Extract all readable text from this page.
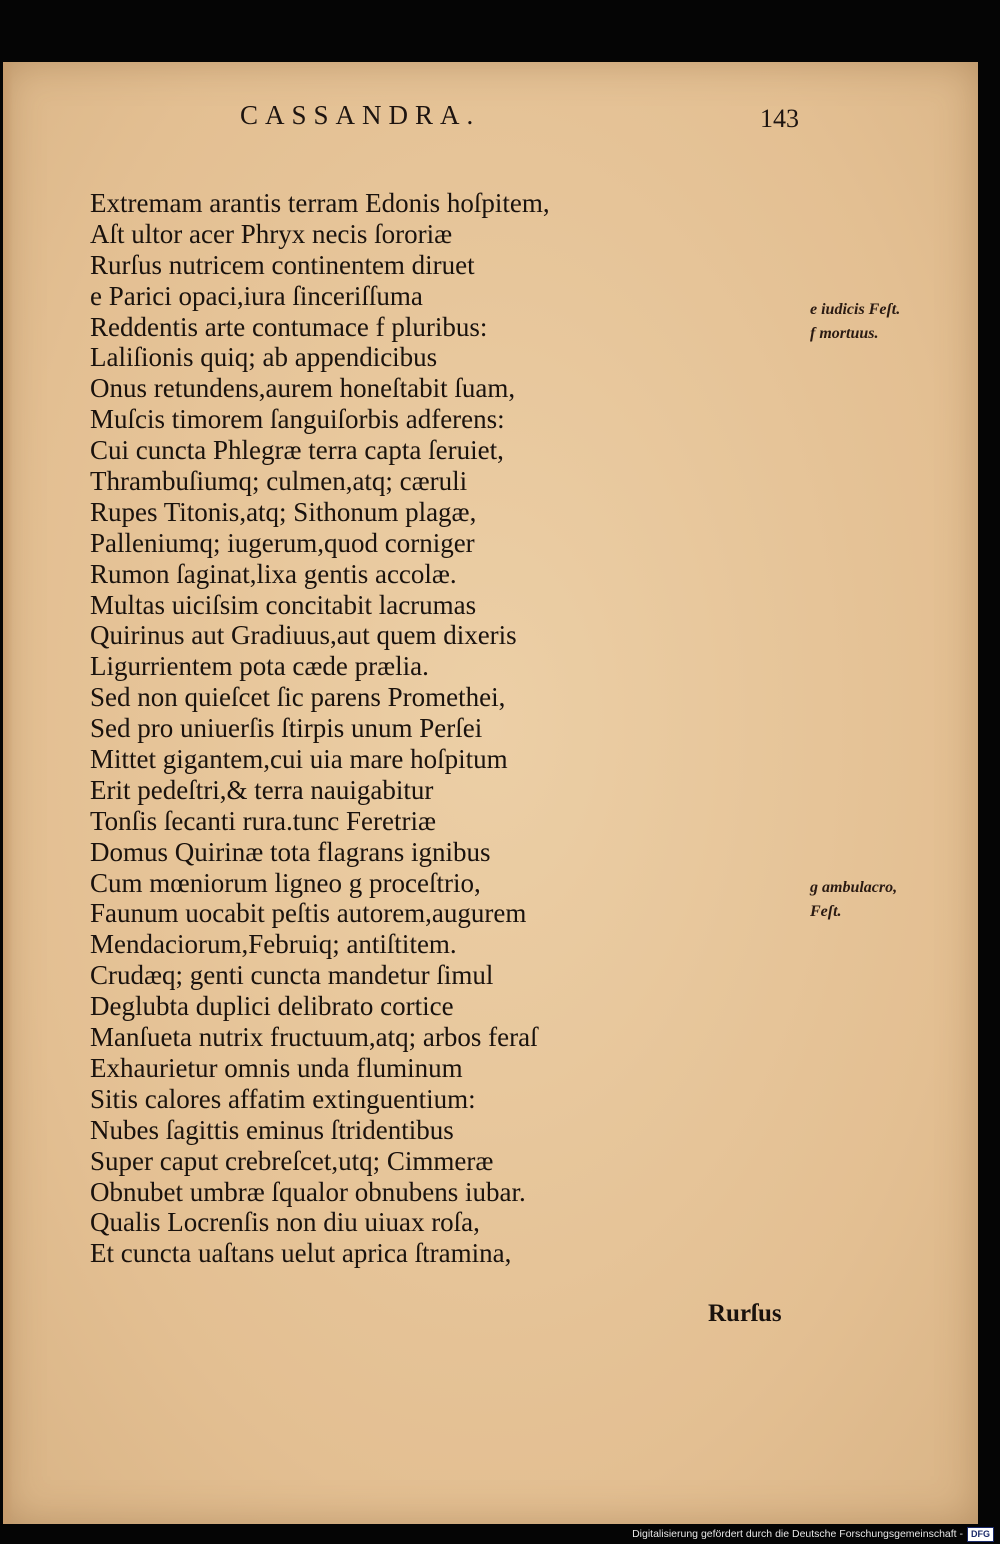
CASSANDRA.	143
Extremam arantis terram Edonis hoſpitem,
Aſt ultor acer Phryx necis ſororiæ
Rurſus nutricem continentem diruet
e Parici opaci,iura ſinceriſſuma
Reddentis arte contumace f pluribus:
Laliſionis quiq; ab appendicibus
Onus retundens,aurem honeſtabit ſuam,
Muſcis timorem ſanguiſorbis adferens:
Cui cuncta Phlegræ terra capta ſeruiet,
Thrambuſiumq; culmen,atq; cæruli
Rupes Titonis,atq; Sithonum plagæ,
Palleniumq; iugerum,quod corniger
Rumon ſaginat,lixa gentis accolæ.
Multas uiciſsim concitabit lacrumas
Quirinus aut Gradiuus,aut quem dixeris
Ligurrientem pota cæde prælia.
Sed non quieſcet ſic parens Promethei,
Sed pro uniuerſis ſtirpis unum Perſei
Mittet gigantem,cui uia mare hoſpitum
Erit pedeſtri,& terra nauigabitur
Tonſis ſecanti rura.tunc Feretriæ
Domus Quirinæ tota flagrans ignibus
Cum mœniorum ligneo g proceſtrio,
Faunum uocabit peſtis autorem,augurem
Mendaciorum,Februiq; antiſtitem.
Crudæq; genti cuncta mandetur ſimul
Deglubta duplici delibrato cortice
Manſueta nutrix fructuum,atq; arbos feraſ
Exhaurietur omnis unda fluminum
Sitis calores affatim extinguentium:
Nubes ſagittis eminus ſtridentibus
Super caput crebreſcet,utq; Cimmeræ
Obnubet umbræ ſqualor obnubens iubar.
Qualis Locrenſis non diu uiuax roſa,
Et cuncta uaſtans uelut aprica ſtramina,
e iudicis Feſt.
f mortuus.
g ambulacro,
Feſt.
Rurſus
Digitalisierung gefördert durch die Deutsche Forschungsgemeinschaft - DFG
